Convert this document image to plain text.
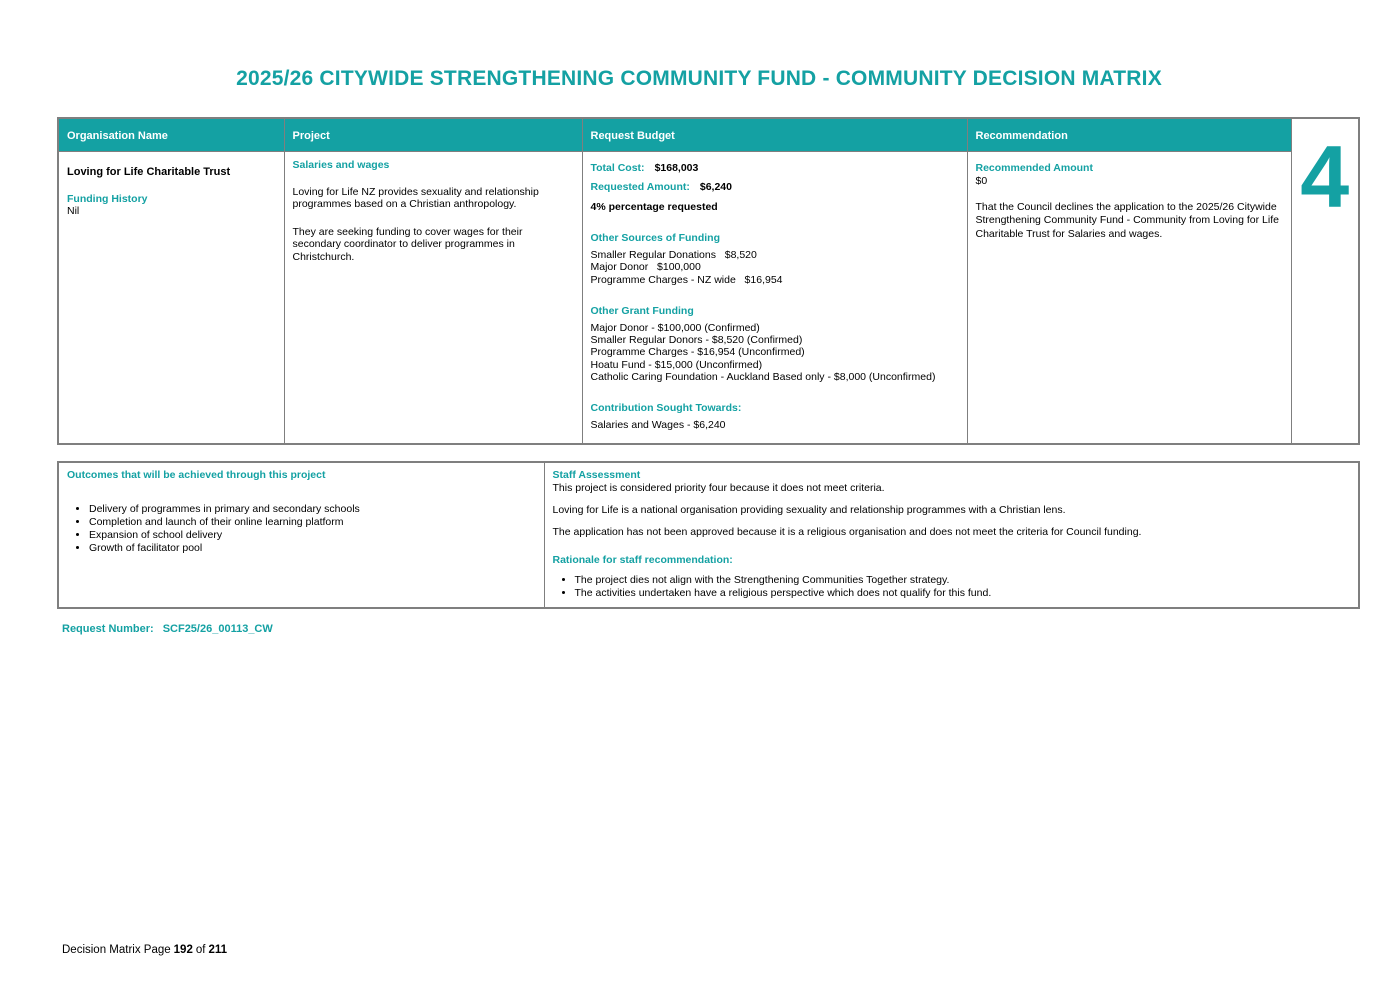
2025/26 CITYWIDE STRENGTHENING COMMUNITY FUND - COMMUNITY DECISION MATRIX
Organisation Name	Project	Request Budget	Recommendation	4

Loving for Life Charitable Trust
Funding History
Nil

Salaries and wages
Loving for Life NZ provides sexuality and relationship programmes based on a Christian anthropology.
They are seeking funding to cover wages for their secondary coordinator to deliver programmes in Christchurch.

Total Cost: $168,003
Requested Amount: $6,240
4% percentage requested
Other Sources of Funding
Smaller Regular Donations   $8,520
Major Donor   $100,000
Programme Charges - NZ wide   $16,954
Other Grant Funding
Major Donor - $100,000 (Confirmed)
Smaller Regular Donors - $8,520 (Confirmed)
Programme Charges - $16,954 (Unconfirmed)
Hoatu Fund - $15,000 (Unconfirmed)
Catholic Caring Foundation - Auckland Based only - $8,000 (Unconfirmed)
Contribution Sought Towards:
Salaries and Wages - $6,240

Recommended Amount
$0
That the Council declines the application to the 2025/26 Citywide Strengthening Community Fund - Community from Loving for Life Charitable Trust for Salaries and wages.
Outcomes that will be achieved through this project
• Delivery of programmes in primary and secondary schools
• Completion and launch of their online learning platform
• Expansion of school delivery
• Growth of facilitator pool

Staff Assessment
This project is considered priority four because it does not meet criteria.
Loving for Life is a national organisation providing sexuality and relationship programmes with a Christian lens.
The application has not been approved because it is a religious organisation and does not meet the criteria for Council funding.
Rationale for staff recommendation:
• The project dies not align with the Strengthening Communities Together strategy.
• The activities undertaken have a religious perspective which does not qualify for this fund.
Request Number: SCF25/26_00113_CW
Decision Matrix Page 192 of 211
